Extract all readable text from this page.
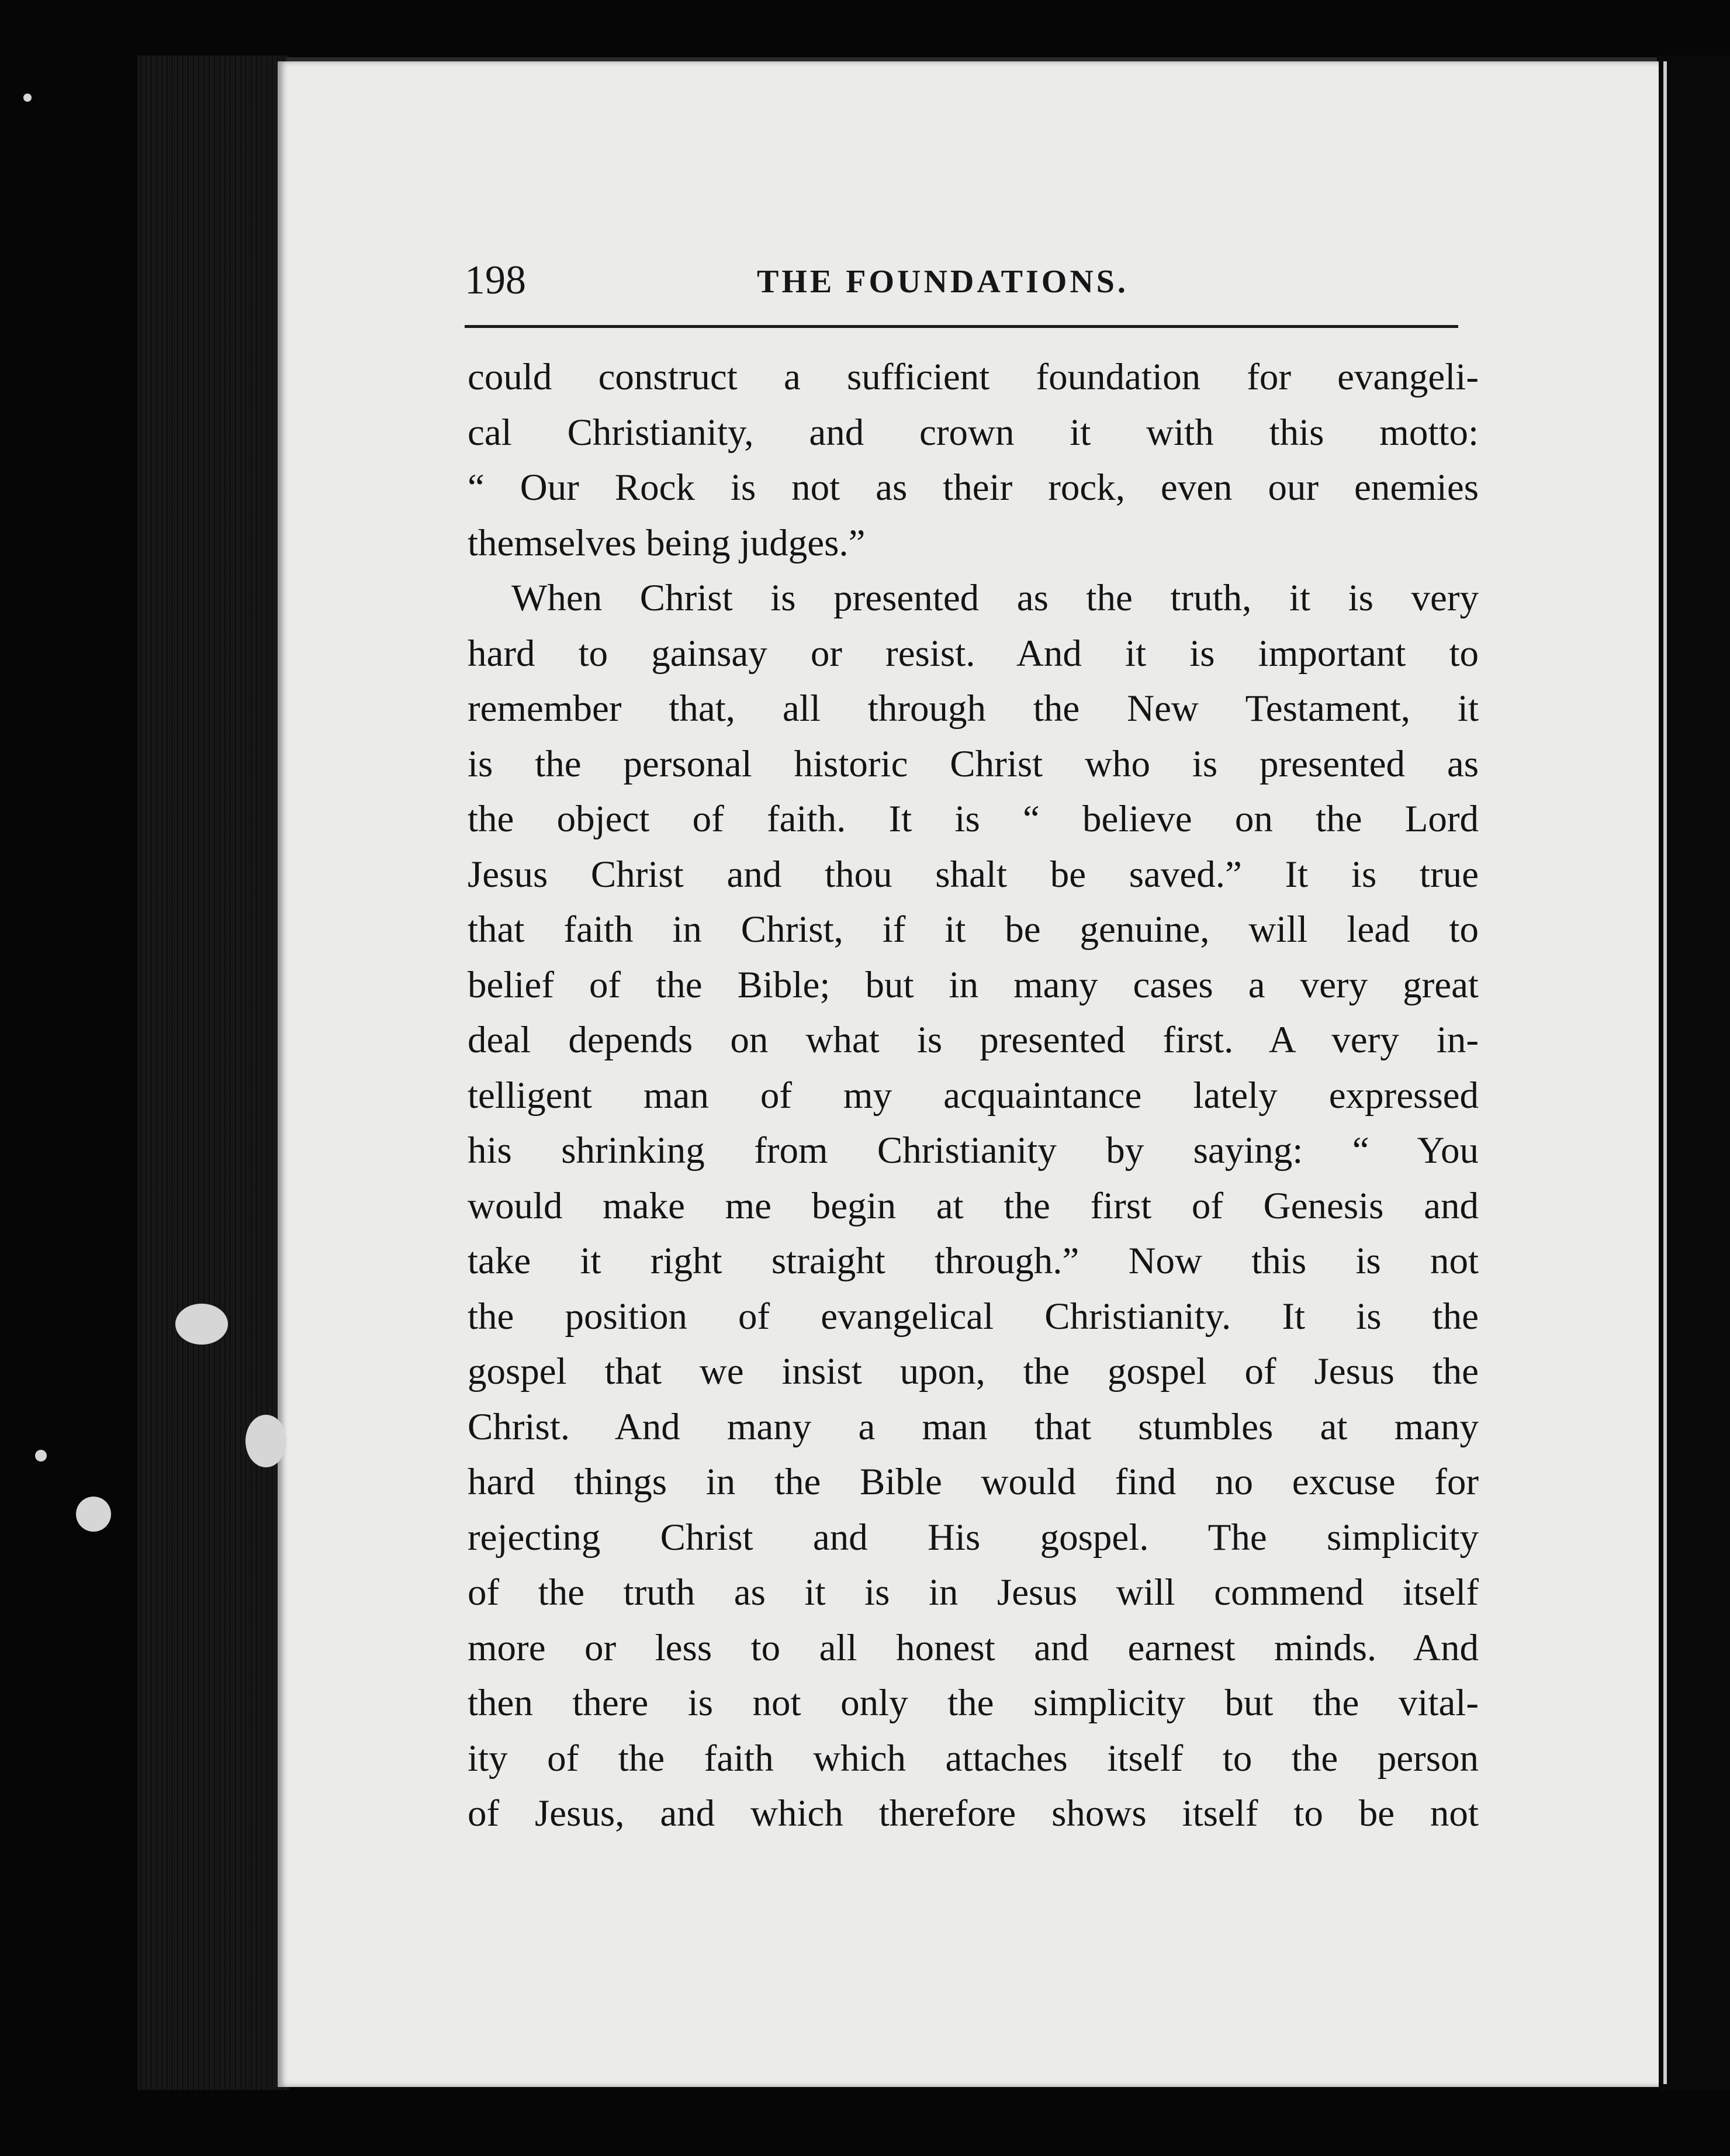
198	THE FOUNDATIONS.
could construct a sufficient foundation for evangeli-
cal Christianity, and crown it with this motto:
“ Our Rock is not as their rock, even our enemies
themselves being judges.”
When Christ is presented as the truth, it is very
hard to gainsay or resist. And it is important to
remember that, all through the New Testament, it
is the personal historic Christ who is presented as
the object of faith. It is “ believe on the Lord
Jesus Christ and thou shalt be saved.” It is true
that faith in Christ, if it be genuine, will lead to
belief of the Bible; but in many cases a very great
deal depends on what is presented first. A very in-
telligent man of my acquaintance lately expressed
his shrinking from Christianity by saying: “ You
would make me begin at the first of Genesis and
take it right straight through.” Now this is not
the position of evangelical Christianity. It is the
gospel that we insist upon, the gospel of Jesus the
Christ. And many a man that stumbles at many
hard things in the Bible would find no excuse for
rejecting Christ and His gospel. The simplicity
of the truth as it is in Jesus will commend itself
more or less to all honest and earnest minds. And
then there is not only the simplicity but the vital-
ity of the faith which attaches itself to the person
of Jesus, and which therefore shows itself to be not
